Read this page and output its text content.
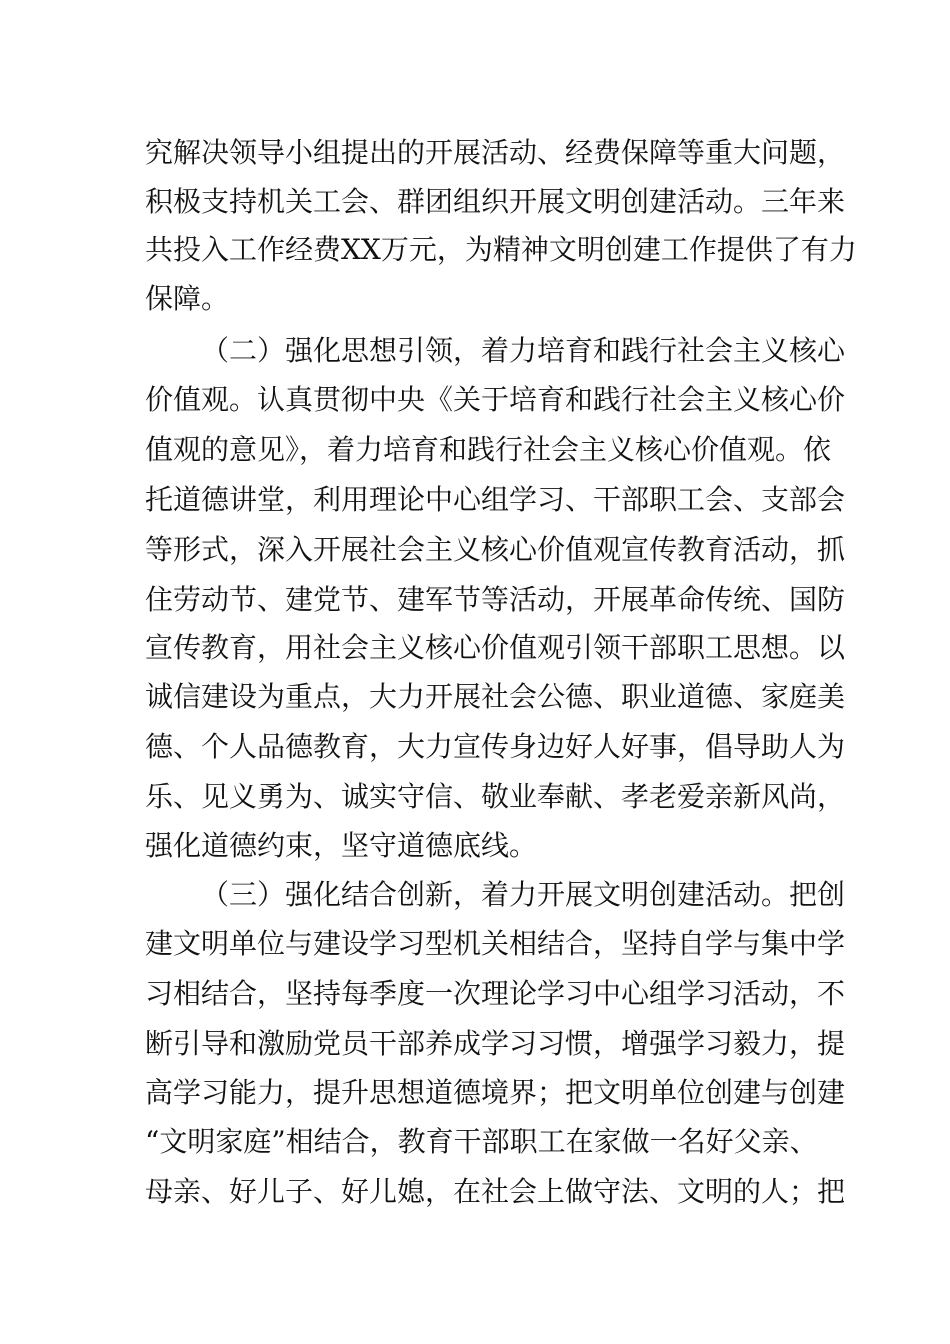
究解决领导小组提出的开展活动、经费保障等重大问题，
积极支持机关工会、群团组织开展文明创建活动。三年来
共投入工作经费XX万元，为精神文明创建工作提供了有力
保障。
（二）强化思想引领，着力培育和践行社会主义核心
价值观。认真贯彻中央《关于培育和践行社会主义核心价
值观的意见》，着力培育和践行社会主义核心价值观。依
托道德讲堂，利用理论中心组学习、干部职工会、支部会
等形式，深入开展社会主义核心价值观宣传教育活动，抓
住劳动节、建党节、建军节等活动，开展革命传统、国防
宣传教育，用社会主义核心价值观引领干部职工思想。以
诚信建设为重点，大力开展社会公德、职业道德、家庭美
德、个人品德教育，大力宣传身边好人好事，倡导助人为
乐、见义勇为、诚实守信、敬业奉献、孝老爱亲新风尚，
强化道德约束，坚守道德底线。
（三）强化结合创新，着力开展文明创建活动。把创
建文明单位与建设学习型机关相结合，坚持自学与集中学
习相结合，坚持每季度一次理论学习中心组学习活动，不
断引导和激励党员干部养成学习习惯，增强学习毅力，提
高学习能力，提升思想道德境界；把文明单位创建与创建
“文明家庭”相结合，教育干部职工在家做一名好父亲、
母亲、好儿子、好儿媳，在社会上做守法、文明的人；把
